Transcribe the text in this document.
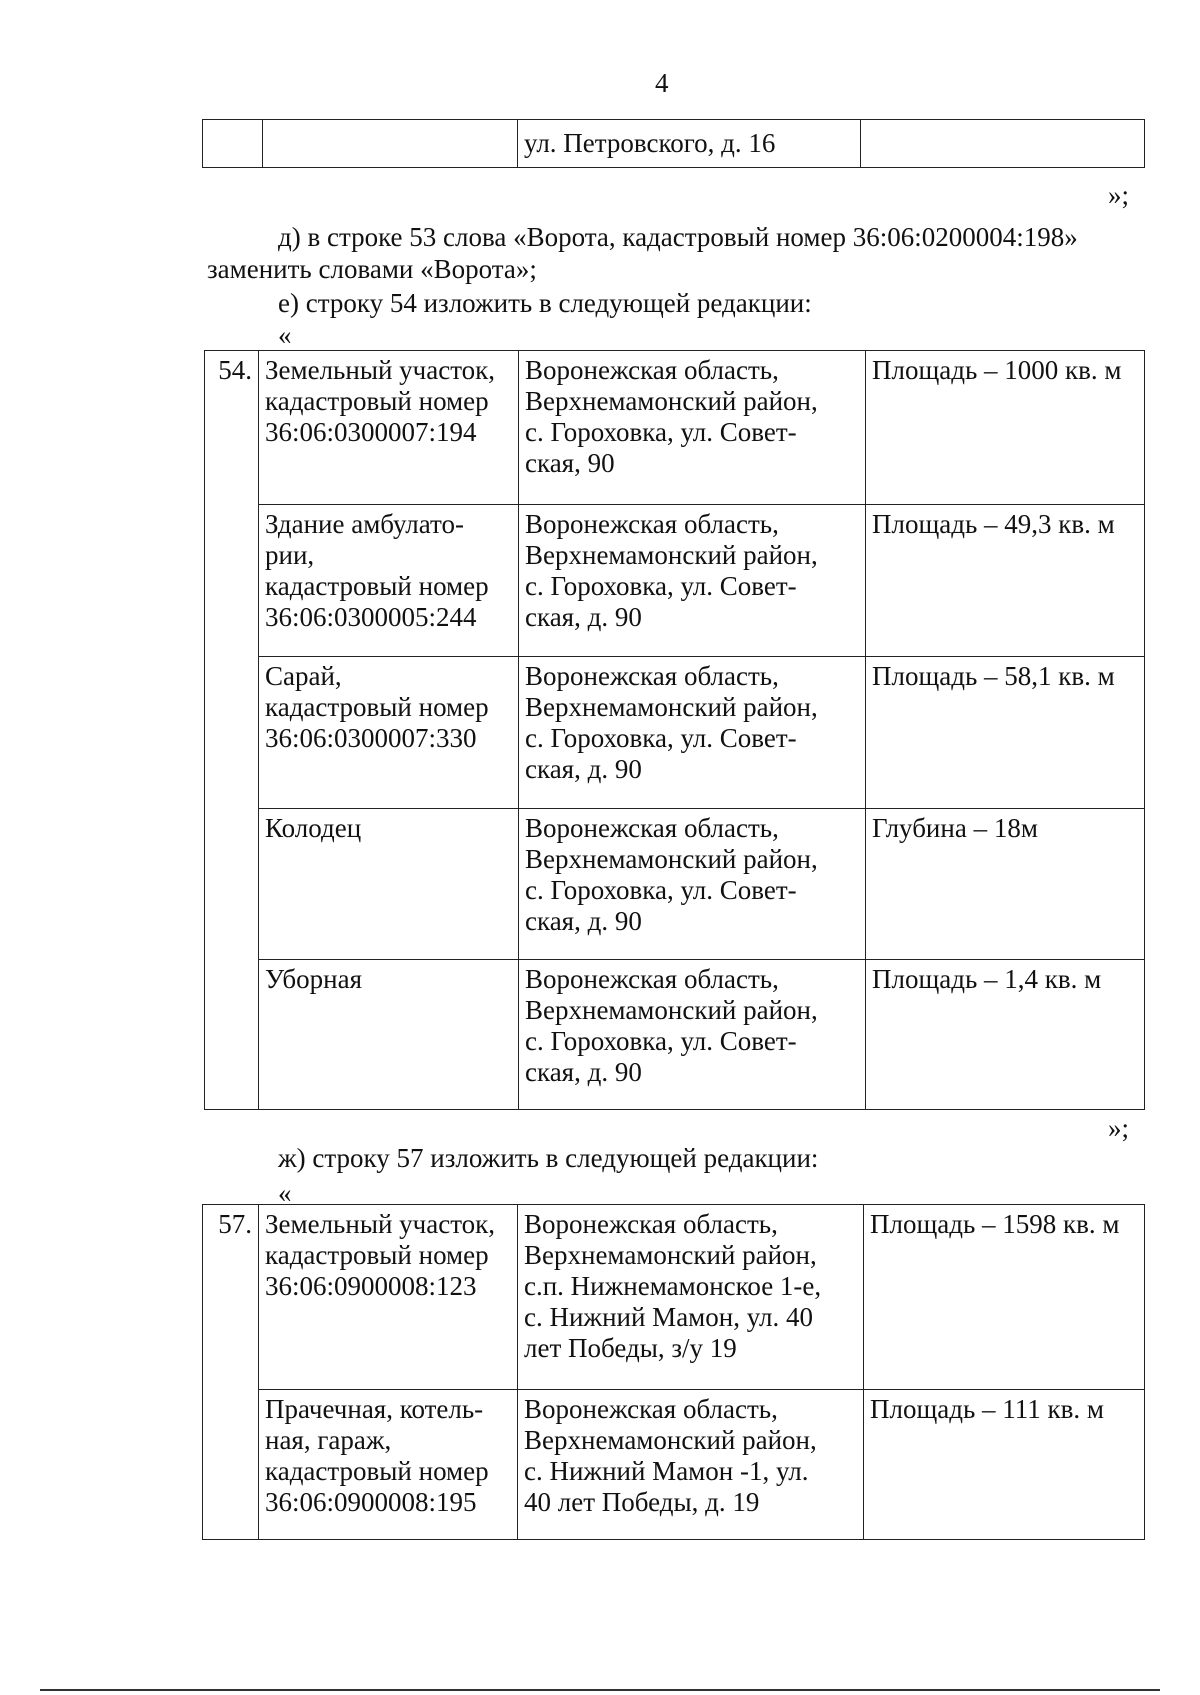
4
		ул. Петровского, д. 16	
»;
д) в строке 53 слова «Ворота, кадастровый номер 36:06:0200004:198»
заменить словами «Ворота»;
е) строку 54 изложить в следующей редакции:
«
54.	Земельный участок,
кадастровый номер
36:06:0300007:194	Воронежская область,
Верхнемамонский район,
с. Гороховка, ул. Совет-
ская, 90	Площадь – 1000 кв. м
	Здание амбулато-
рии,
кадастровый номер
36:06:0300005:244	Воронежская область,
Верхнемамонский район,
с. Гороховка, ул. Совет-
ская, д. 90	Площадь – 49,3 кв. м
	Сарай,
кадастровый номер
36:06:0300007:330	Воронежская область,
Верхнемамонский район,
с. Гороховка, ул. Совет-
ская, д. 90	Площадь – 58,1 кв. м
	Колодец	Воронежская область,
Верхнемамонский район,
с. Гороховка, ул. Совет-
ская, д. 90	Глубина – 18м
	Уборная	Воронежская область,
Верхнемамонский район,
с. Гороховка, ул. Совет-
ская, д. 90	Площадь – 1,4 кв. м
»;
ж) строку 57 изложить в следующей редакции:
«
57.	Земельный участок,
кадастровый номер
36:06:0900008:123	Воронежская область,
Верхнемамонский район,
с.п. Нижнемамонское 1-е,
с. Нижний Мамон, ул. 40
лет Победы, з/у 19	Площадь – 1598 кв. м
	Прачечная, котель-
ная, гараж,
кадастровый номер
36:06:0900008:195	Воронежская область,
Верхнемамонский район,
с. Нижний Мамон -1, ул.
40 лет Победы, д. 19	Площадь – 111 кв. м
